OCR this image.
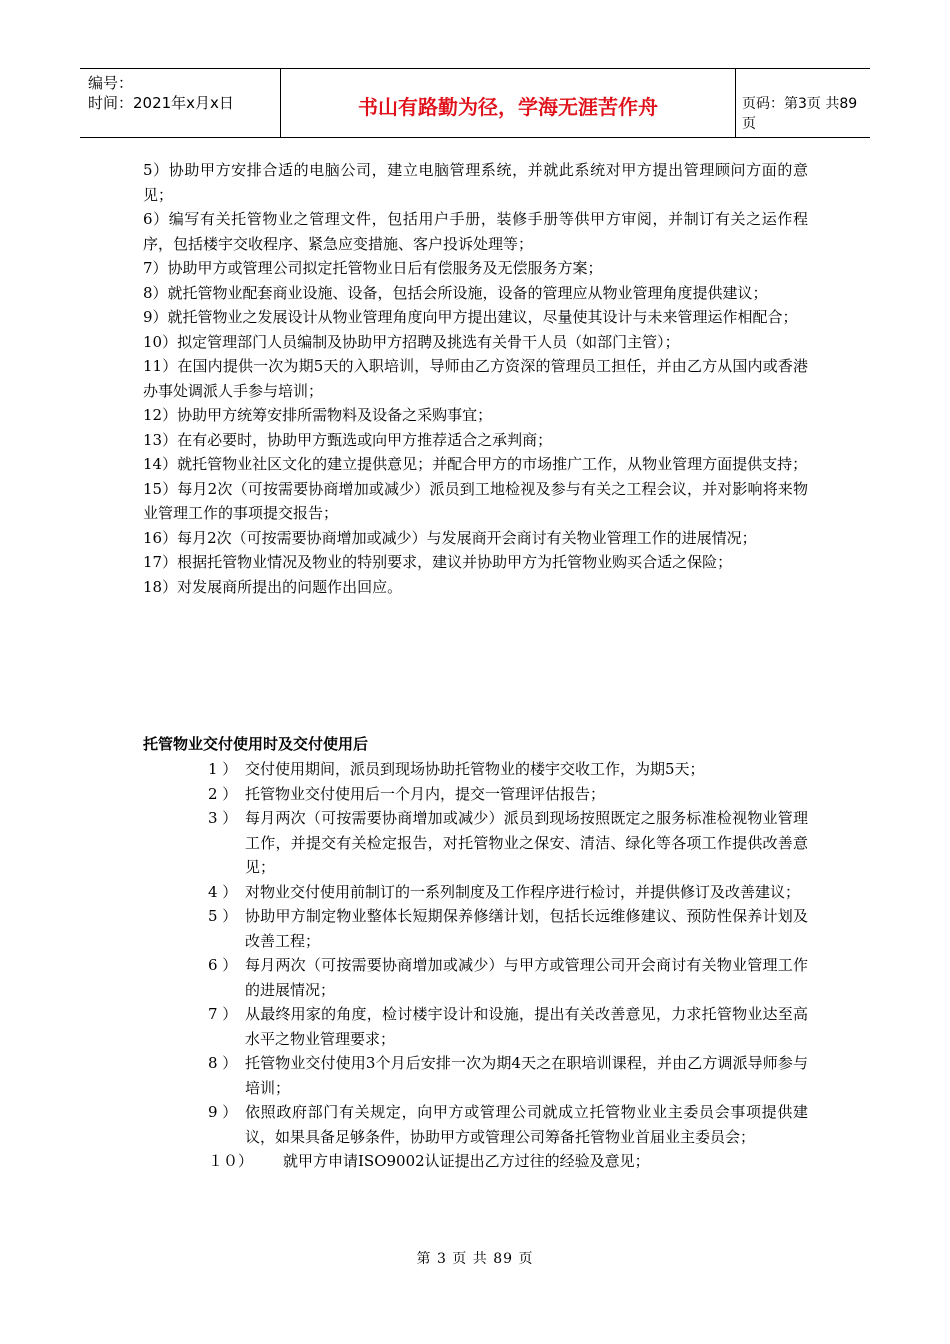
编号：
时间：2021年x月x日	书山有路勤为径，学海无涯苦作舟	页码：第3页 共89页
5）协助甲方安排合适的电脑公司，建立电脑管理系统，并就此系统对甲方提出管理顾问方面的意见；
6）编写有关托管物业之管理文件，包括用户手册，装修手册等供甲方审阅，并制订有关之运作程序，包括楼宇交收程序、紧急应变措施、客户投诉处理等；
7）协助甲方或管理公司拟定托管物业日后有偿服务及无偿服务方案；
8）就托管物业配套商业设施、设备，包括会所设施，设备的管理应从物业管理角度提供建议；
9）就托管物业之发展设计从物业管理角度向甲方提出建议，尽量使其设计与未来管理运作相配合；
10）拟定管理部门人员编制及协助甲方招聘及挑选有关骨干人员（如部门主管）；
11）在国内提供一次为期5天的入职培训，导师由乙方资深的管理员工担任，并由乙方从国内或香港办事处调派人手参与培训；
12）协助甲方统筹安排所需物料及设备之采购事宜；
13）在有必要时，协助甲方甄选或向甲方推荐适合之承判商；
14）就托管物业社区文化的建立提供意见；并配合甲方的市场推广工作，从物业管理方面提供支持；
15）每月2次（可按需要协商增加或减少）派员到工地检视及参与有关之工程会议，并对影响将来物业管理工作的事项提交报告；
16）每月2次（可按需要协商增加或减少）与发展商开会商讨有关物业管理工作的进展情况；
17）根据托管物业情况及物业的特别要求，建议并协助甲方为托管物业购买合适之保险；
18）对发展商所提出的问题作出回应。
托管物业交付使用时及交付使用后
1 ） 交付使用期间，派员到现场协助托管物业的楼宇交收工作，为期5天；
2 ） 托管物业交付使用后一个月内，提交一管理评估报告；
3 ） 每月两次（可按需要协商增加或减少）派员到现场按照既定之服务标准检视物业管理工作，并提交有关检定报告，对托管物业之保安、清洁、绿化等各项工作提供改善意见；
4 ） 对物业交付使用前制订的一系列制度及工作程序进行检讨，并提供修订及改善建议；
5 ） 协助甲方制定物业整体长短期保养修缮计划，包括长远维修建议、预防性保养计划及改善工程；
6 ） 每月两次（可按需要协商增加或减少）与甲方或管理公司开会商讨有关物业管理工作的进展情况；
7 ） 从最终用家的角度，检讨楼宇设计和设施，提出有关改善意见，力求托管物业达至高水平之物业管理要求；
8 ） 托管物业交付使用3个月后安排一次为期4天之在职培训课程，并由乙方调派导师参与培训；
9 ） 依照政府部门有关规定，向甲方或管理公司就成立托管物业业主委员会事项提供建议，如果具备足够条件，协助甲方或管理公司筹备托管物业首届业主委员会；
１０）	就甲方申请ISO9002认证提出乙方过往的经验及意见；
第 3 页 共 89 页
